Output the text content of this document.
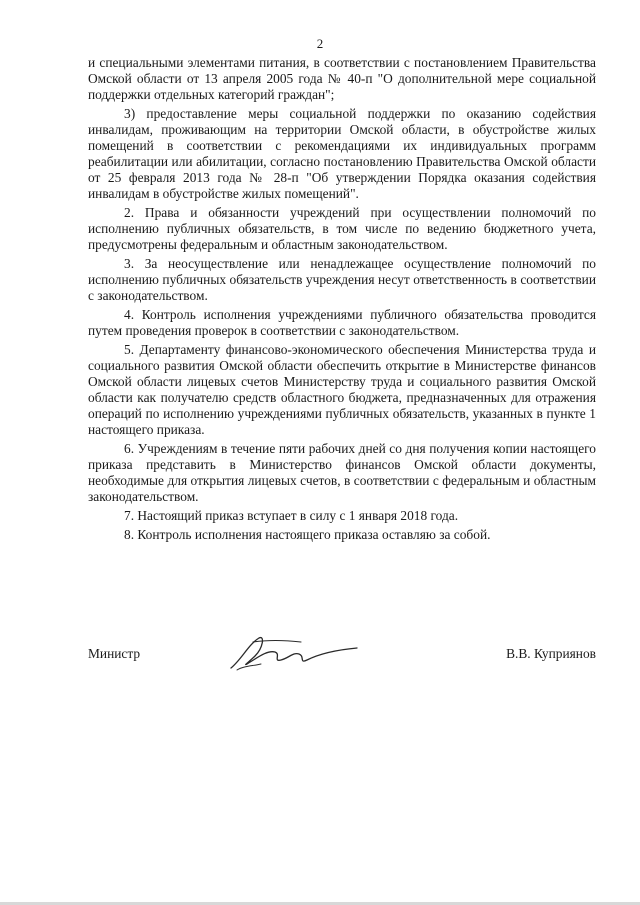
2

и специальными элементами питания, в соответствии с постановлением Правительства Омской области от 13 апреля 2005 года № 40-п "О дополнительной мере социальной поддержки отдельных категорий граждан";

3) предоставление меры социальной поддержки по оказанию содействия инвалидам, проживающим на территории Омской области, в обустройстве жилых помещений в соответствии с рекомендациями их индивидуальных программ реабилитации или абилитации, согласно постановлению Правительства Омской области от 25 февраля 2013 года № 28-п "Об утверждении Порядка оказания содействия инвалидам в обустройстве жилых помещений".

2. Права и обязанности учреждений при осуществлении полномочий по исполнению публичных обязательств, в том числе по ведению бюджетного учета, предусмотрены федеральным и областным законодательством.

3. За неосуществление или ненадлежащее осуществление полномочий по исполнению публичных обязательств учреждения несут ответственность в соответствии с законодательством.

4. Контроль исполнения учреждениями публичного обязательства проводится путем проведения проверок в соответствии с законодательством.

5. Департаменту финансово-экономического обеспечения Министерства труда и социального развития Омской области обеспечить открытие в Министерстве финансов Омской области лицевых счетов Министерству труда и социального развития Омской области как получателю средств областного бюджета, предназначенных для отражения операций по исполнению учреждениями публичных обязательств, указанных в пункте 1 настоящего приказа.

6. Учреждениям в течение пяти рабочих дней со дня получения копии настоящего приказа представить в Министерство финансов Омской области документы, необходимые для открытия лицевых счетов, в соответствии с федеральным и областным законодательством.

7. Настоящий приказ вступает в силу с 1 января 2018 года.

8. Контроль исполнения настоящего приказа оставляю за собой.

Министр	В.В. Куприянов
